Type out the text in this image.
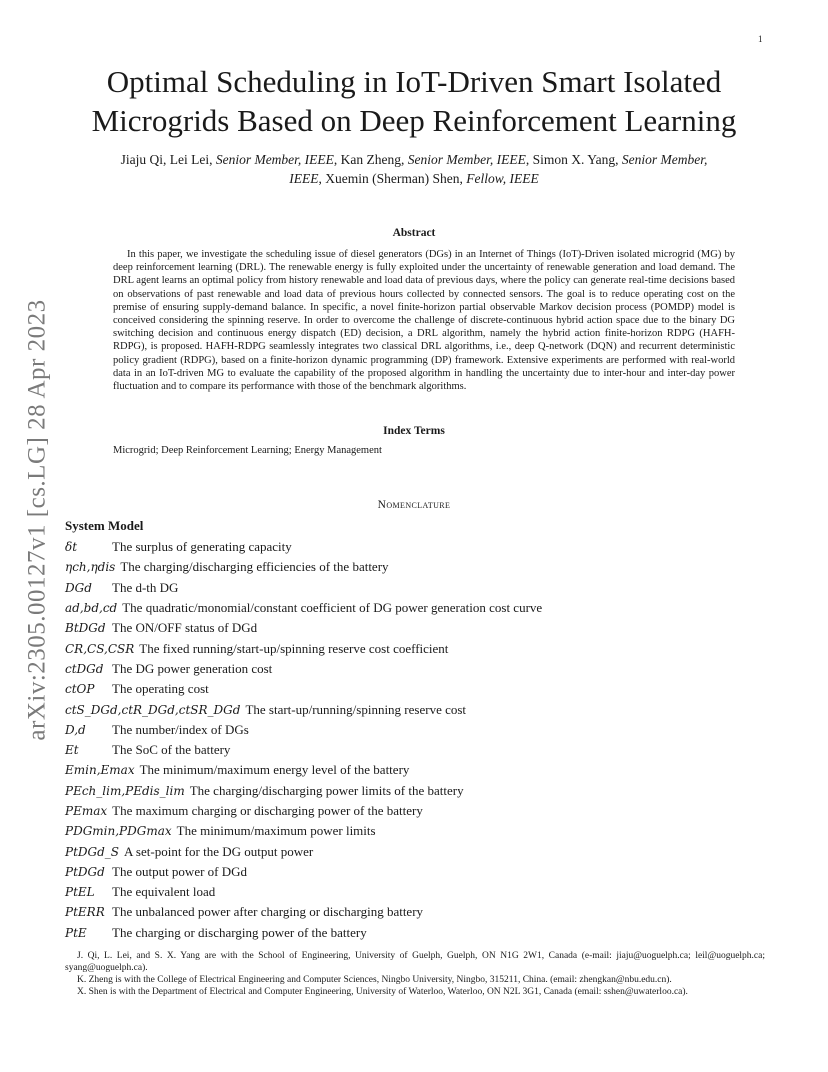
1
arXiv:2305.00127v1 [cs.LG] 28 Apr 2023
Optimal Scheduling in IoT-Driven Smart Isolated Microgrids Based on Deep Reinforcement Learning
Jiaju Qi, Lei Lei, Senior Member, IEEE, Kan Zheng, Senior Member, IEEE, Simon X. Yang, Senior Member,
IEEE, Xuemin (Sherman) Shen, Fellow, IEEE
Abstract

In this paper, we investigate the scheduling issue of diesel generators (DGs) in an Internet of Things (IoT)-Driven isolated microgrid (MG) by deep reinforcement learning (DRL). The renewable energy is fully exploited under the uncertainty of renewable generation and load demand. The DRL agent learns an optimal policy from history renewable and load data of previous days, where the policy can generate real-time decisions based on observations of past renewable and load data of previous hours collected by connected sensors. The goal is to reduce operating cost on the premise of ensuring supply-demand balance. In specific, a novel finite-horizon partial observable Markov decision process (POMDP) model is conceived considering the spinning reserve. In order to overcome the challenge of discrete-continuous hybrid action space due to the binary DG switching decision and continuous energy dispatch (ED) decision, a DRL algorithm, namely the hybrid action finite-horizon RDPG (HAFH-RDPG), is proposed. HAFH-RDPG seamlessly integrates two classical DRL algorithms, i.e., deep Q-network (DQN) and recurrent deterministic policy gradient (RDPG), based on a finite-horizon dynamic programming (DP) framework. Extensive experiments are performed with real-world data in an IoT-driven MG to evaluate the capability of the proposed algorithm in handling the uncertainty due to inter-hour and inter-day power fluctuation and to compare its performance with those of the benchmark algorithms.

Index Terms
Microgrid; Deep Reinforcement Learning; Energy Management
Nomenclature
System Model
δt	The surplus of generating capacity
ηch,ηdis The charging/discharging efficiencies of the battery
DGd	The d-th DG
ad,bd,cd The quadratic/monomial/constant coefficient of DG power generation cost curve
BtDGd The ON/OFF status of DGd
CR,CS,CSR The fixed running/start-up/spinning reserve cost coefficient
ctDGd The DG power generation cost
ctOP	The operating cost
ctS_DGd,ctR_DGd,ctSR_DGd The start-up/running/spinning reserve cost
D,d	The number/index of DGs
Et	The SoC of the battery
Emin,Emax The minimum/maximum energy level of the battery
PEch_lim,PEdis_lim The charging/discharging power limits of the battery
PEmax The maximum charging or discharging power of the battery
PDGmin,PDGmax The minimum/maximum power limits
PtDGd_S A set-point for the DG output power
PtDGd The output power of DGd
PtEL	The equivalent load
PtERR The unbalanced power after charging or discharging battery
PtE	The charging or discharging power of the battery

J. Qi, L. Lei, and S. X. Yang are with the School of Engineering, University of Guelph, Guelph, ON N1G 2W1, Canada (e-mail: jiaju@uoguelph.ca; leil@uoguelph.ca; syang@uoguelph.ca).

K. Zheng is with the College of Electrical Engineering and Computer Sciences, Ningbo University, Ningbo, 315211, China. (email: zhengkan@nbu.edu.cn).

X. Shen is with the Department of Electrical and Computer Engineering, University of Waterloo, Waterloo, ON N2L 3G1, Canada (email: sshen@uwaterloo.ca).
